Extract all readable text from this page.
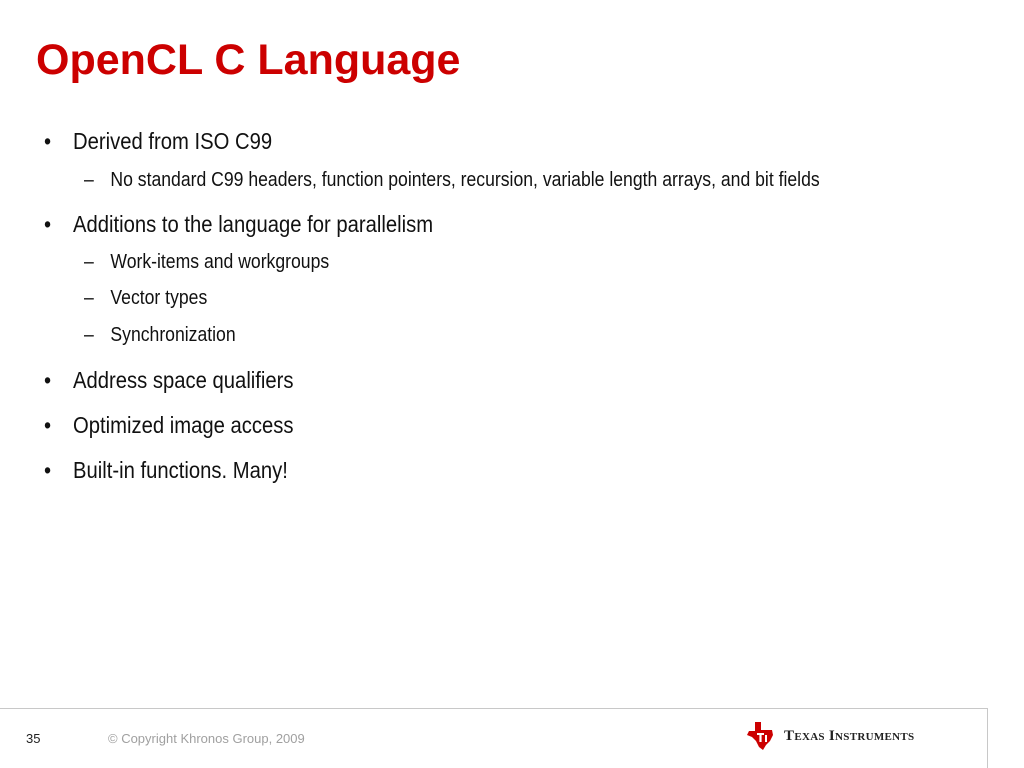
OpenCL C Language

• Derived from ISO C99

– No standard C99 headers, function pointers, recursion, variable length arrays, and bit fields

• Additions to the language for parallelism

– Work-items and workgroups

– Vector types

– Synchronization

• Address space qualifiers

• Optimized image access

• Built-in functions. Many!

35	© Copyright Khronos Group, 2009	TEXAS INSTRUMENTS
